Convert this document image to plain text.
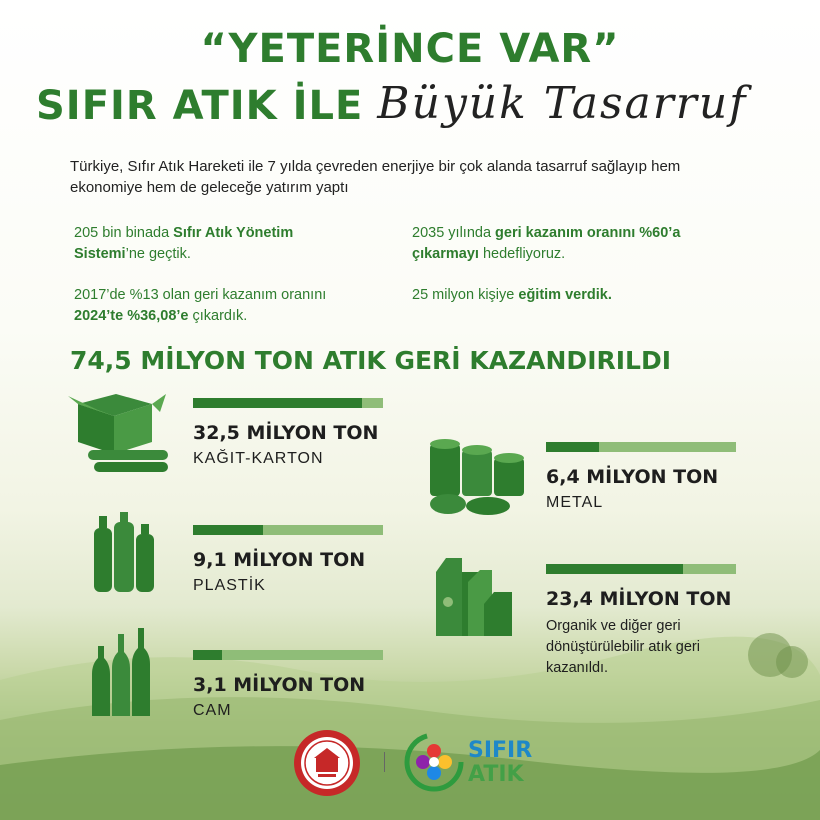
“YETERİNCE VAR”
SIFIR ATIK İLE Büyük Tasarruf

Türkiye, Sıfır Atık Hareketi ile 7 yılda çevreden enerjiye bir çok alanda tasarruf sağlayıp hem ekonomiye hem de geleceğe yatırım yaptı

205 bin binada Sıfır Atık Yönetim Sistemi’ne geçtik.
2035 yılında geri kazanım oranını %60’a çıkarmayı hedefliyoruz.
2017’de %13 olan geri kazanım oranını 2024’te %36,08’e çıkardık.
25 milyon kişiye eğitim verdik.
74,5 MİLYON TON ATIK GERİ KAZANDIRILDI
32,5 MİLYON TON
KAĞIT-KARTON
9,1 MİLYON TON
PLASTİK
3,1 MİLYON TON
CAM
6,4 MİLYON TON
METAL
23,4 MİLYON TON
Organik ve diğer geri dönüştürülebilir atık geri kazanıldı.
SIFIR
ATIK
